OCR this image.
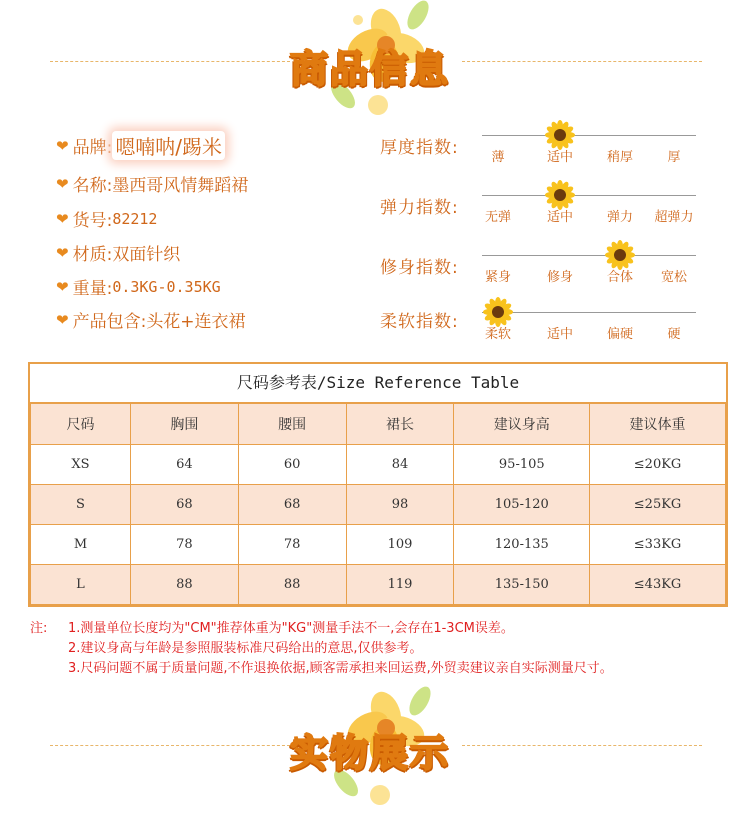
商品信息
❤ 品牌: 嗯喃呐/踢米
❤ 名称: 墨西哥风情舞蹈裙
❤ 货号: 82212
❤ 材质: 双面针织
❤ 重量: 0.3KG-0.35KG
❤ 产品包含: 头花+连衣裙
厚度指数:	薄	适中	稍厚	厚
弹力指数:	无弹	适中	弹力	超弹力
修身指数:	紧身	修身	合体	宽松
柔软指数:
柔软	适中	偏硬	硬
尺码参考表/Size Reference Table
尺码	胸围	腰围	裙长	建议身高	建议体重
XS	64	60	84	95-105	≤20KG
S	68	68	98	105-120	≤25KG
M	78	78	109	120-135	≤33KG
L	88	88	119	135-150	≤43KG
注: 1.测量单位长度均为"CM"推荐体重为"KG"测量手法不一,会存在1-3CM误差。
2.建议身高与年龄是参照服装标准尺码给出的意思,仅供参考。
3.尺码问题不属于质量问题,不作退换依据,顾客需承担来回运费,外贸卖建议亲自实际测量尺寸。
实物展示
